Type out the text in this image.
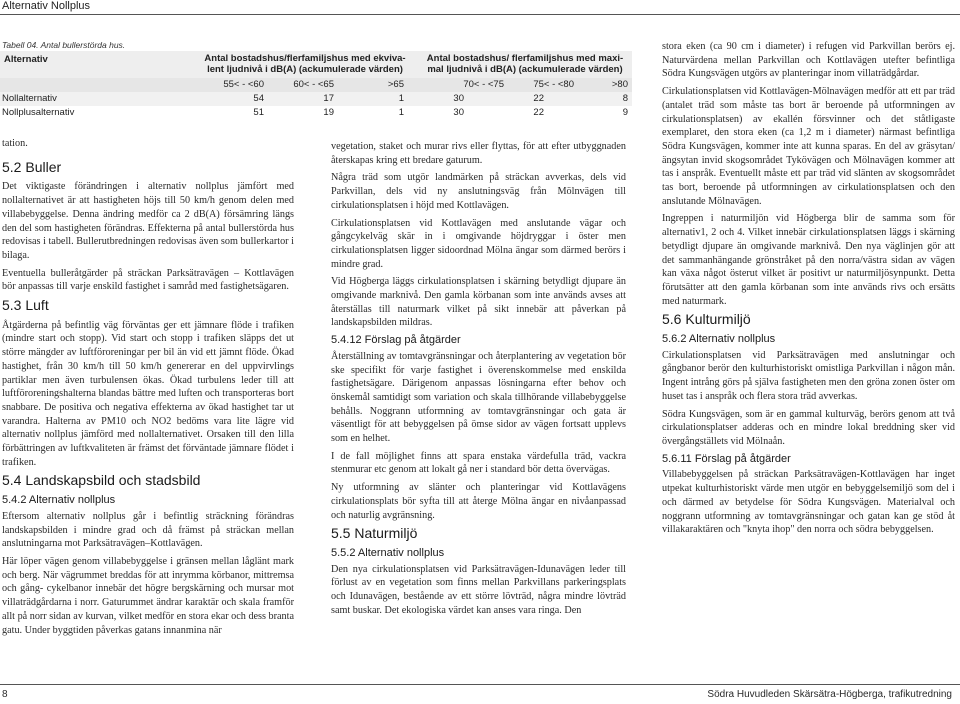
Alternativ Nollplus
Tabell 04. Antal bullerstörda hus.
Alternativ	Antal bostadshus/flerfamiljshus med ekviva-
lent ljudnivå i dB(A) (ackumulerade värden)
Antal bostadshus/ flerfamiljshus med maxi-
mal ljudnivå i dB(A) (ackumulerade värden)
55< - <60	60< - <65	>65	70< - <75	75< - <80	>80
Nollalternativ	54	17	1	30	22	8
Nollplusalternativ	51	19	1	30	22	9

tation.

5.2 Buller

Det viktigaste förändringen i alternativ nollplus jämfört med nollalternativet är att hastigheten höjs till 50 km/h genom delen med villabebyggelse. Denna ändring medför ca 2 dB(A) försämring längs den del som hastigheten förändras. Effekterna på antal bullerstörda hus redovisas i tabell. Bullerutbredningen redovisas även som bullerkartor i bilaga.

Eventuella bulleråtgärder på sträckan Parksätravägen – Kottlavägen bör anpassas till varje enskild fastighet i samråd med fastighetsägaren.

5.3 Luft

Åtgärderna på befintlig väg förväntas ger ett jämnare flöde i trafiken (mindre start och stopp). Vid start och stopp i trafiken släpps det ut större mängder av luftföroreningar per bil än vid ett jämnt flöde. Ökad hastighet, från 30 km/h till 50 km/h genererar en del uppvirvlings partiklar men även turbulensen ökas. Ökad turbulens leder till att luftföroreningshalterna blandas bättre med luften och transporteras bort snabbare. De positiva och negativa effekterna av ökad hastighet tar ut varandra. Halterna av PM10 och NO2 bedöms vara lite lägre vid alternativ nollplus jämförd med nollalternativet. Orsaken till den lilla förbättringen av luftkvaliteten är främst det förväntade jämnare flödet i trafiken.

5.4 Landskapsbild och stadsbild
5.4.2 Alternativ nollplus

Eftersom alternativ nollplus går i befintlig sträckning förändras landskapsbilden i mindre grad och då främst på sträckan mellan anslutningarna mot Parksätravägen–Kottlavägen.

Här löper vägen genom villabebyggelse i gränsen mellan låglänt mark och berg. När vägrummet breddas för att inrymma körbanor, mittremsa och gång- cykelbanor innebär det högre bergskärning och mursar mot villaträdgårdarna i norr. Gaturummet ändrar karaktär och skala framför allt på norr sidan av kurvan, vilket medför en stora ekar och dess branta gatu. Under byggtiden påverkas gatans innanmina när

vegetation, staket och murar rivs eller flyttas, för att efter utbyggnaden återskapas kring ett bredare gaturum.

Några träd som utgör landmärken på sträckan avverkas, dels vid Parkvillan, dels vid ny anslutningsväg från Mölnvägen till cirkulationsplatsen i höjd med Kottlavägen.

Cirkulationsplatsen vid Kottlavägen med anslutande vägar och gångcykelväg skär in i omgivande höjdryggar i öster men cirkulationsplatsen ligger sidoordnad Mölna ängar som därmed berörs i mindre grad.

Vid Högberga läggs cirkulationsplatsen i skärning betydligt djupare än omgivande marknivå. Den gamla körbanan som inte används avses att återställas till naturmark vilket på sikt innebär att påverkan på landskapsbilden mildras.

5.4.12 Förslag på åtgärder

Återställning av tomtavgränsningar och återplantering av vegetation bör ske specifikt för varje fastighet i överenskommelse med enskilda fastighetsägare. Därigenom anpassas lösningarna efter behov och önskemål samtidigt som variation och skala tillhörande villabebyggelse behålls. Noggrann utformning av tomtavgränsningar och gata är väsentligt för att bebyggelsen på ömse sidor av vägen fortsatt upplevs som en helhet.

I de fall möjlighet finns att spara enstaka värdefulla träd, vackra stenmurar etc genom att lokalt gå ner i standard bör detta övervägas.

Ny utformning av slänter och planteringar vid Kottlavägens cirkulationsplats bör syfta till att återge Mölna ängar en nivåanpassad och naturlig avgränsning.

5.5 Naturmiljö
5.5.2 Alternativ nollplus

Den nya cirkulationsplatsen vid Parksätravägen-Idunavägen leder till förlust av en vegetation som finns mellan Parkvillans parkeringsplats och Idunavägen, bestående av ett större lövträd, några mindre lövträd samt buskar. Det ekologiska värdet kan anses vara ringa. Den

stora eken (ca 90 cm i diameter) i refugen vid Parkvillan berörs ej. Naturvärdena mellan Parkvillan och Kottlavägen utefter befintliga Södra Kungsvägen utgörs av planteringar inom villaträdgårdar.

Cirkulationsplatsen vid Kottlavägen-Mölnavägen medför att ett par träd (antalet träd som måste tas bort är beroende på utformningen av cirkulationsplatsen) av ekallén försvinner och det ståtligaste exemplaret, den stora eken (ca 1,2 m i diameter) närmast befintliga Södra Kungsvägen, kommer inte att kunna sparas. En del av gräsytan/ängsytan invid skogsområdet Tykövägen och Mölnavägen kommer att tas i anspråk. Eventuellt måste ett par träd vid slänten av skogsområdet tas bort, beroende på utformningen av cirkulationsplatsen och den anslutande Mölnavägen.

Ingreppen i naturmiljön vid Högberga blir de samma som för alternativ1, 2 och 4. Vilket innebär cirkulationsplatsen läggs i skärning betydligt djupare än omgivande marknivå. Den nya väglinjen gör att det sammanhängande grönstråket på den norra/västra sidan av vägen kan växa något österut vilket är positivt ur naturmiljösynpunkt. Detta förutsätter att den gamla körbanan som inte används rivs och ersätts med naturmark.

5.6 Kulturmiljö
5.6.2 Alternativ nollplus

Cirkulationsplatsen vid Parksätravägen med anslutningar och gångbanor berör den kulturhistoriskt omistliga Parkvillan i någon mån. Ingent intrång görs på själva fastigheten men den gröna zonen öster om huset tas i anspråk och flera stora träd avverkas.

Södra Kungsvägen, som är en gammal kulturväg, berörs genom att två cirkulationsplatser adderas och en mindre lokal breddning sker vid övergångställets vid Mölnaån.

5.6.11 Förslag på åtgärder

Villabebyggelsen på sträckan Parksätravägen-Kottlavägen har inget utpekat kulturhistoriskt värde men utgör en bebyggelsemiljö som del i och därmed av betydelse för Södra Kungsvägen. Materialval och noggrann utformning av tomtavgränsningar och gatan kan ge stöd åt villakaraktären och "knyta ihop" den norra och södra bebyggelsen.

8	Södra Huvudleden Skärsätra-Högberga, trafikutredning
